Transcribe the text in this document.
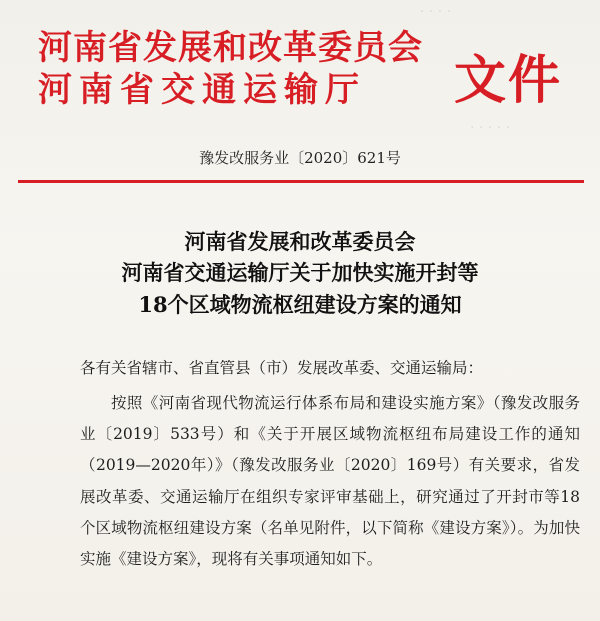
· · · ·
· · · · ·
河南省发展和改革委员会
河南省交通运输厅 文件
豫发改服务业〔2020〕621号
河南省发展和改革委员会
河南省交通运输厅关于加快实施开封等
18个区域物流枢纽建设方案的通知
各有关省辖市、省直管县（市）发展改革委、交通运输局：
按照《河南省现代物流运行体系布局和建设实施方案》（豫发改服务业〔2019〕533号）和《关于开展区域物流枢纽布局建设工作的通知（2019—2020年）》（豫发改服务业〔2020〕169号）有关要求，省发展改革委、交通运输厅在组织专家评审基础上，研究通过了开封市等18个区域物流枢纽建设方案（名单见附件，以下简称《建设方案》）。为加快实施《建设方案》，现将有关事项通知如下。
